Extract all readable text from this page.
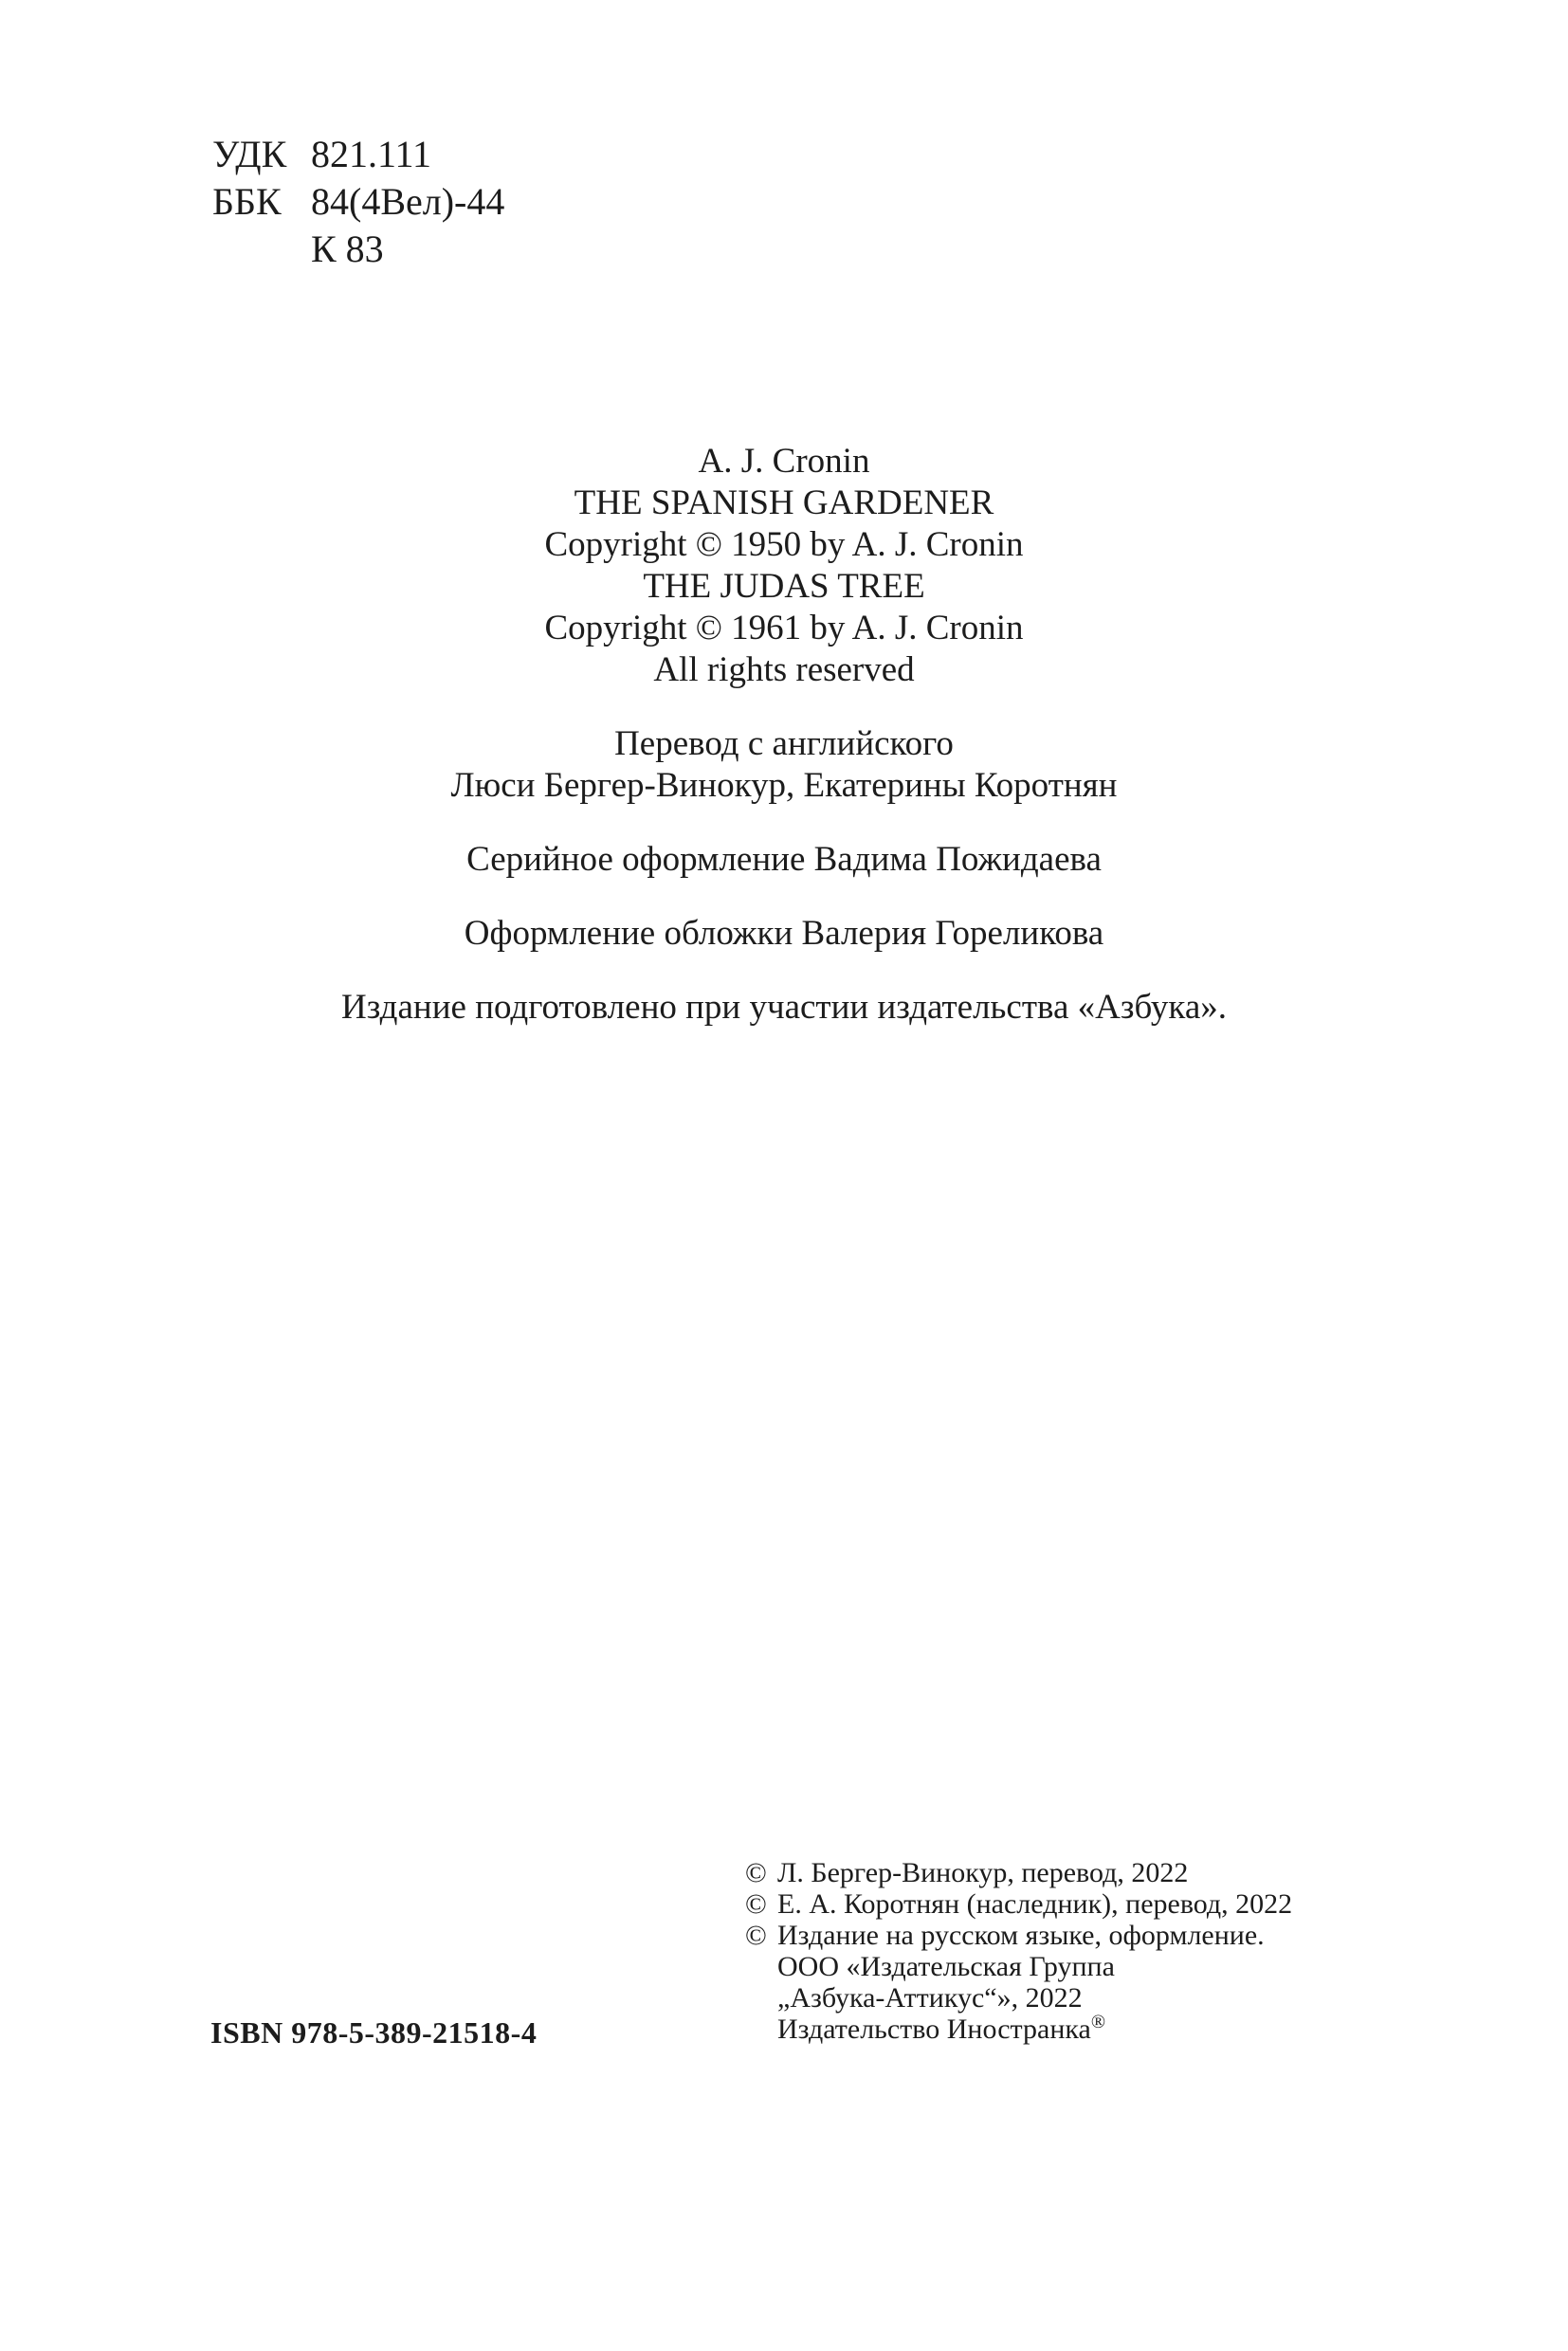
УДК 821.111
ББК 84(4Вел)-44
К 83
A. J. Cronin
THE SPANISH GARDENER
Copyright © 1950 by A. J. Cronin
THE JUDAS TREE
Copyright © 1961 by A. J. Cronin
All rights reserved
Перевод с английского
Люси Бергер-Винокур, Екатерины Коротнян
Серийное оформление Вадима Пожидаева
Оформление обложки Валерия Гореликова
Издание подготовлено при участии издательства «Азбука».
ISBN 978-5-389-21518-4
© Л. Бергер-Винокур, перевод, 2022
© Е. А. Коротнян (наследник), перевод, 2022
© Издание на русском языке, оформление.
ООО «Издательская Группа
„Азбука-Аттикус“», 2022
Издательство Иностранка®
